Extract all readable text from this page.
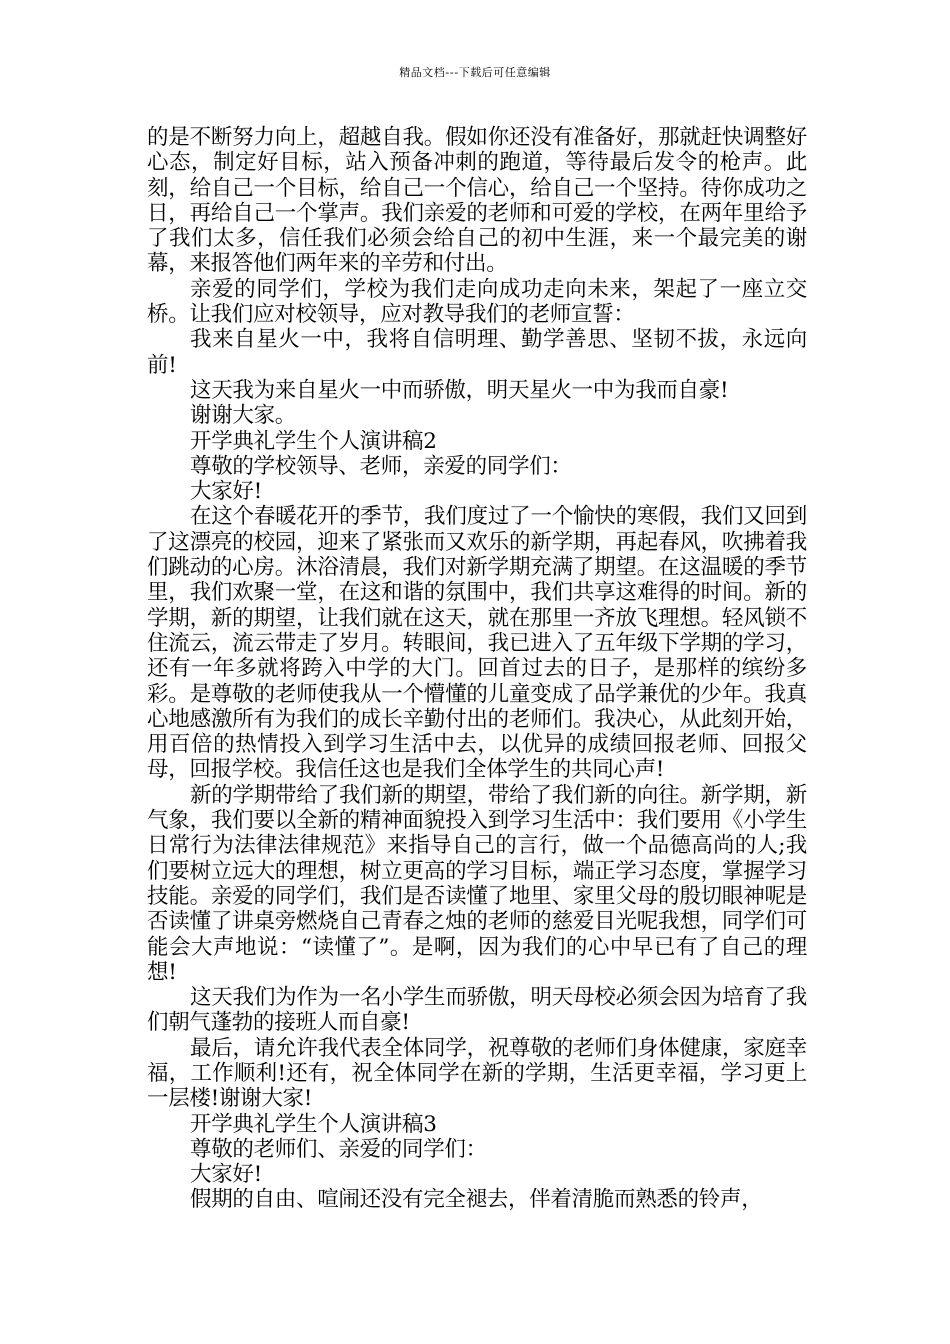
精品文档---下载后可任意编辑

的是不断努力向上，超越自我。假如你还没有准备好，那就赶快调整好心态，制定好目标，站入预备冲刺的跑道，等待最后发令的枪声。此刻，给自己一个目标，给自己一个信心，给自己一个坚持。待你成功之日，再给自己一个掌声。我们亲爱的老师和可爱的学校，在两年里给予了我们太多，信任我们必须会给自己的初中生涯，来一个最完美的谢幕，来报答他们两年来的辛劳和付出。

亲爱的同学们，学校为我们走向成功走向未来，架起了一座立交桥。让我们应对校领导，应对教导我们的老师宣誓：

我来自星火一中，我将自信明理、勤学善思、坚韧不拔，永远向前!

这天我为来自星火一中而骄傲，明天星火一中为我而自豪!

谢谢大家。

开学典礼学生个人演讲稿2

尊敬的学校领导、老师，亲爱的同学们：

大家好!

在这个春暖花开的季节，我们度过了一个愉快的寒假，我们又回到了这漂亮的校园，迎来了紧张而又欢乐的新学期，再起春风，吹拂着我们跳动的心房。沐浴清晨，我们对新学期充满了期望。在这温暖的季节里，我们欢聚一堂，在这和谐的氛围中，我们共享这难得的时间。新的学期，新的期望，让我们就在这天，就在那里一齐放飞理想。轻风锁不住流云，流云带走了岁月。转眼间，我已进入了五年级下学期的学习，还有一年多就将跨入中学的大门。回首过去的日子，是那样的缤纷多彩。是尊敬的老师使我从一个懵懂的儿童变成了品学兼优的少年。我真心地感激所有为我们的成长辛勤付出的老师们。我决心，从此刻开始，用百倍的热情投入到学习生活中去，以优异的成绩回报老师、回报父母，回报学校。我信任这也是我们全体学生的共同心声!

新的学期带给了我们新的期望，带给了我们新的向往。新学期，新气象，我们要以全新的精神面貌投入到学习生活中：我们要用《小学生日常行为法律法律规范》来指导自己的言行，做一个品德高尚的人;我们要树立远大的理想，树立更高的学习目标，端正学习态度，掌握学习技能。亲爱的同学们，我们是否读懂了地里、家里父母的殷切眼神呢是否读懂了讲桌旁燃烧自己青春之烛的老师的慈爱目光呢我想，同学们可能会大声地说：“读懂了”。是啊，因为我们的心中早已有了自己的理想!

这天我们为作为一名小学生而骄傲，明天母校必须会因为培育了我们朝气蓬勃的接班人而自豪!

最后，请允许我代表全体同学，祝尊敬的老师们身体健康，家庭幸福，工作顺利!还有，祝全体同学在新的学期，生活更幸福，学习更上一层楼!谢谢大家!

开学典礼学生个人演讲稿3

尊敬的老师们、亲爱的同学们：

大家好!

假期的自由、喧闹还没有完全褪去，伴着清脆而熟悉的铃声，
